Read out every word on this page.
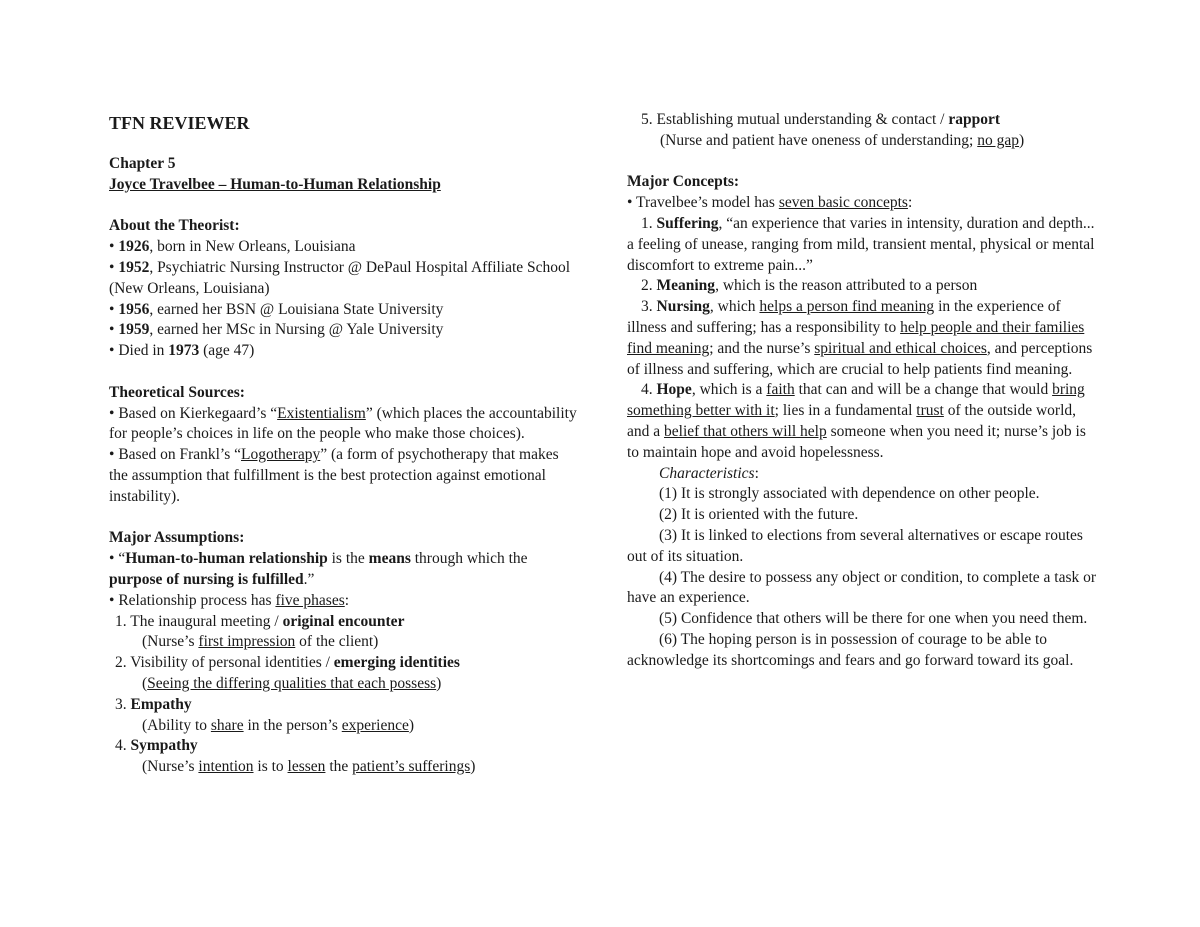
TFN REVIEWER

Chapter 5

Joyce Travelbee – Human-to-Human Relationship

About the Theorist:

• 1926, born in New Orleans, Louisiana

• 1952, Psychiatric Nursing Instructor @ DePaul Hospital Affiliate School (New Orleans, Louisiana)

• 1956, earned her BSN @ Louisiana State University

• 1959, earned her MSc in Nursing @ Yale University

• Died in 1973 (age 47)

Theoretical Sources:

• Based on Kierkegaard’s “Existentialism” (which places the accountability for people’s choices in life on the people who make those choices).

• Based on Frankl’s “Logotherapy” (a form of psychotherapy that makes the assumption that fulfillment is the best protection against emotional instability).

Major Assumptions:

• “Human-to-human relationship is the means through which the purpose of nursing is fulfilled.”

• Relationship process has five phases:

1. The inaugural meeting / original encounter

(Nurse’s first impression of the client)

2. Visibility of personal identities / emerging identities

(Seeing the differing qualities that each possess)

3. Empathy

(Ability to share in the person’s experience)

4. Sympathy

(Nurse’s intention is to lessen the patient’s sufferings)

5. Establishing mutual understanding & contact / rapport

(Nurse and patient have oneness of understanding; no gap)

Major Concepts:

• Travelbee’s model has seven basic concepts:

1. Suffering, “an experience that varies in intensity, duration and depth... a feeling of unease, ranging from mild, transient mental, physical or mental discomfort to extreme pain...”

2. Meaning, which is the reason attributed to a person

3. Nursing, which helps a person find meaning in the experience of illness and suffering; has a responsibility to help people and their families find meaning; and the nurse’s spiritual and ethical choices, and perceptions of illness and suffering, which are crucial to help patients find meaning.

4. Hope, which is a faith that can and will be a change that would bring something better with it; lies in a fundamental trust of the outside world, and a belief that others will help someone when you need it; nurse’s job is to maintain hope and avoid hopelessness.

Characteristics:

(1) It is strongly associated with dependence on other people.

(2) It is oriented with the future.

(3) It is linked to elections from several alternatives or escape routes out of its situation.

(4) The desire to possess any object or condition, to complete a task or have an experience.

(5) Confidence that others will be there for one when you need them.

(6) The hoping person is in possession of courage to be able to acknowledge its shortcomings and fears and go forward toward its goal.
